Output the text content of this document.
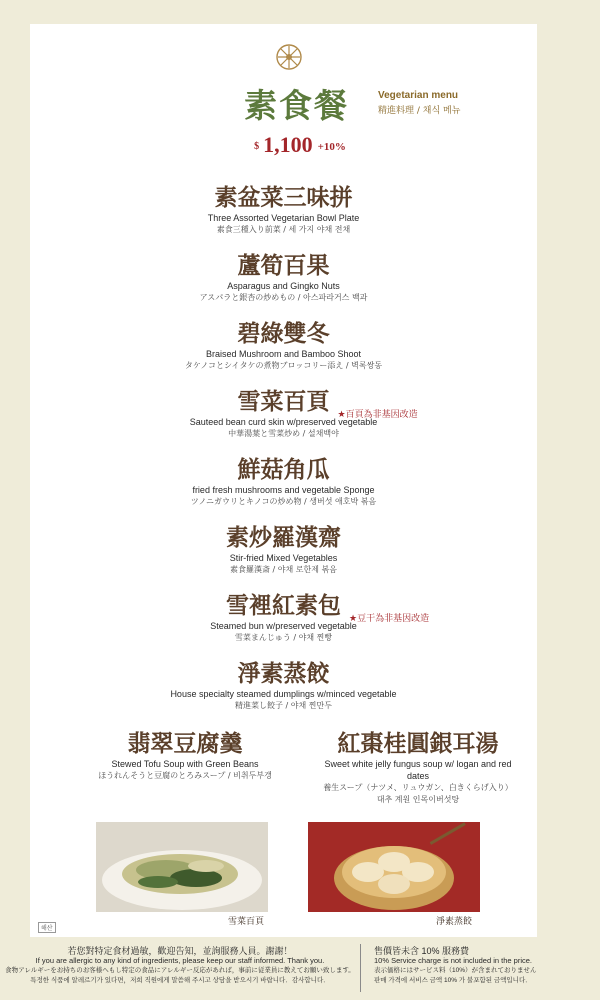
素食餐	Vegetarian menu
精進料理 / 채식 메뉴
$ 1,100 +10%
素盆菜三味拼
Three Assorted Vegetarian Bowl Plate
素食三種入り前菜 / 세 가지 야채 전채
蘆筍百果
Asparagus and Gingko Nuts
アスパラと銀杏の炒めもの / 아스파라거스 백과
碧綠雙冬
Braised Mushroom and Bamboo Shoot
タケノコとシイタケの煮物ブロッコリー添え / 벽록쌍동
雪菜百頁 ★百頁為非基因改造
Sauteed bean curd skin w/preserved vegetable
中華湯葉と雪菜炒め / 설채백야
鮮菇角瓜
fried fresh mushrooms and vegetable Sponge
ツノニガウリとキノコの炒め物 / 생버섯 애호박 볶음
素炒羅漢齋
Stir-fried Mixed Vegetables
素食羅漢斎 / 야채 로한제 볶음
雪裡紅素包 ★豆干為非基因改造
Steamed bun w/preserved vegetable
雪菜まんじゅう / 야채 찐빵
淨素蒸餃
House specialty steamed dumplings w/minced vegetable
精進菜し餃子 / 야채 찐만두
翡翠豆腐羹
Stewed Tofu Soup with Green Beans
ほうれんそうと豆腐のとろみスープ / 비취두부갱
紅棗桂圓銀耳湯
Sweet white jelly fungus soup w/ logan and red dates
養生スープ（ナツメ、リュウガン、白きくらげ入り）
대추 계원 인목이버섯탕
雪菜百頁	淨素蒸餃
해산
若您對特定食材過敏，歡迎告知，並詢服務人員。謝謝！
If you are allergic to any kind of ingredients, please keep our staff informed. Thank you.
食物アレルギーをお持ちのお客様へもし特定の食品にアレルギー反応があれば，事前に従業員に教えてお願い致します。
특정한 식품에 알레르기가 있다면，저희 직원에게 말씀해 주시고 상담을 받으시기 바랍니다．감사합니다．
售價皆未含 10% 服務費
10% Service charge is not included in the price.
表示価格にはサービス料（10%）が含まれておりません
판매 가격에 서비스 금액 10% 가 불포함된 금액입니다．
